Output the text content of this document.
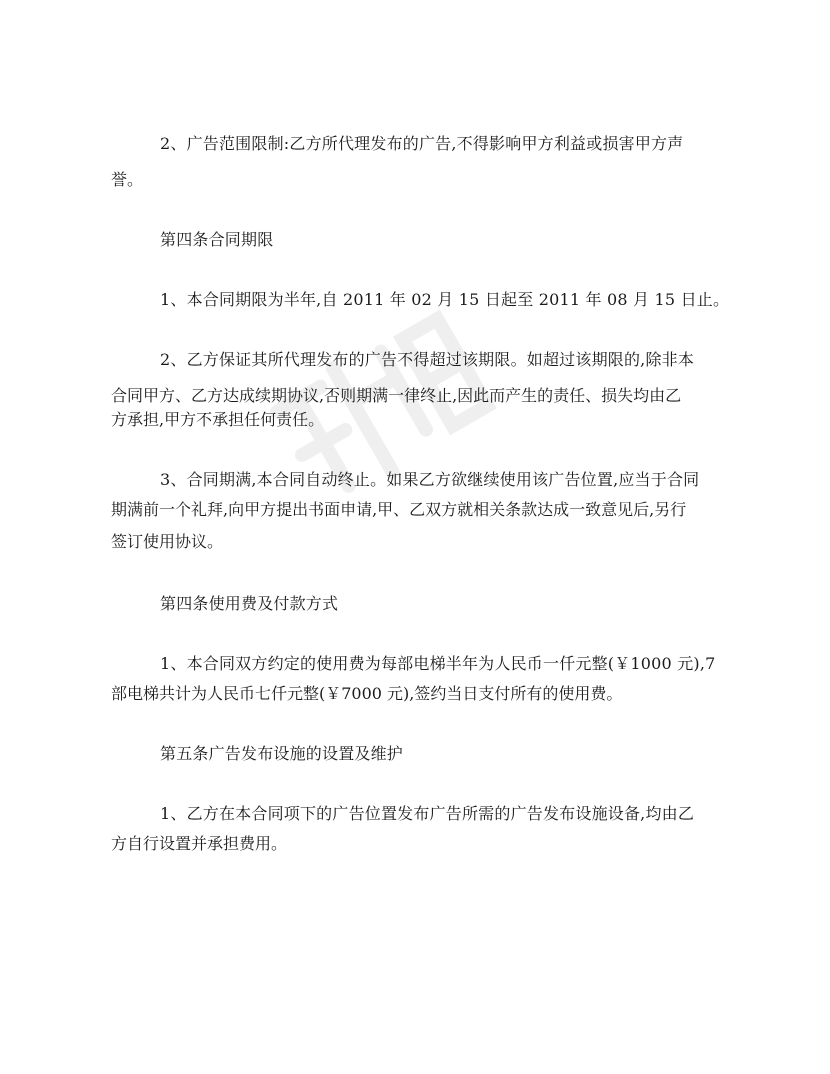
2、广告范围限制:乙方所代理发布的广告,不得影响甲方利益或损害甲方声
誉。
第四条合同期限
1、本合同期限为半年,自 2011 年 02 月 15 日起至 2011 年 08 月 15 日止。
2、乙方保证其所代理发布的广告不得超过该期限。如超过该期限的,除非本
合同甲方、乙方达成续期协议,否则期满一律终止,因此而产生的责任、损失均由乙
方承担,甲方不承担任何责任。
3、合同期满,本合同自动终止。如果乙方欲继续使用该广告位置,应当于合同
期满前一个礼拜,向甲方提出书面申请,甲、乙双方就相关条款达成一致意见后,另行
签订使用协议。
第四条使用费及付款方式
1、本合同双方约定的使用费为每部电梯半年为人民币一仟元整(￥1000 元),7
部电梯共计为人民币七仟元整(￥7000 元),签约当日支付所有的使用费。
第五条广告发布设施的设置及维护
1、乙方在本合同项下的广告位置发布广告所需的广告发布设施设备,均由乙
方自行设置并承担费用。
